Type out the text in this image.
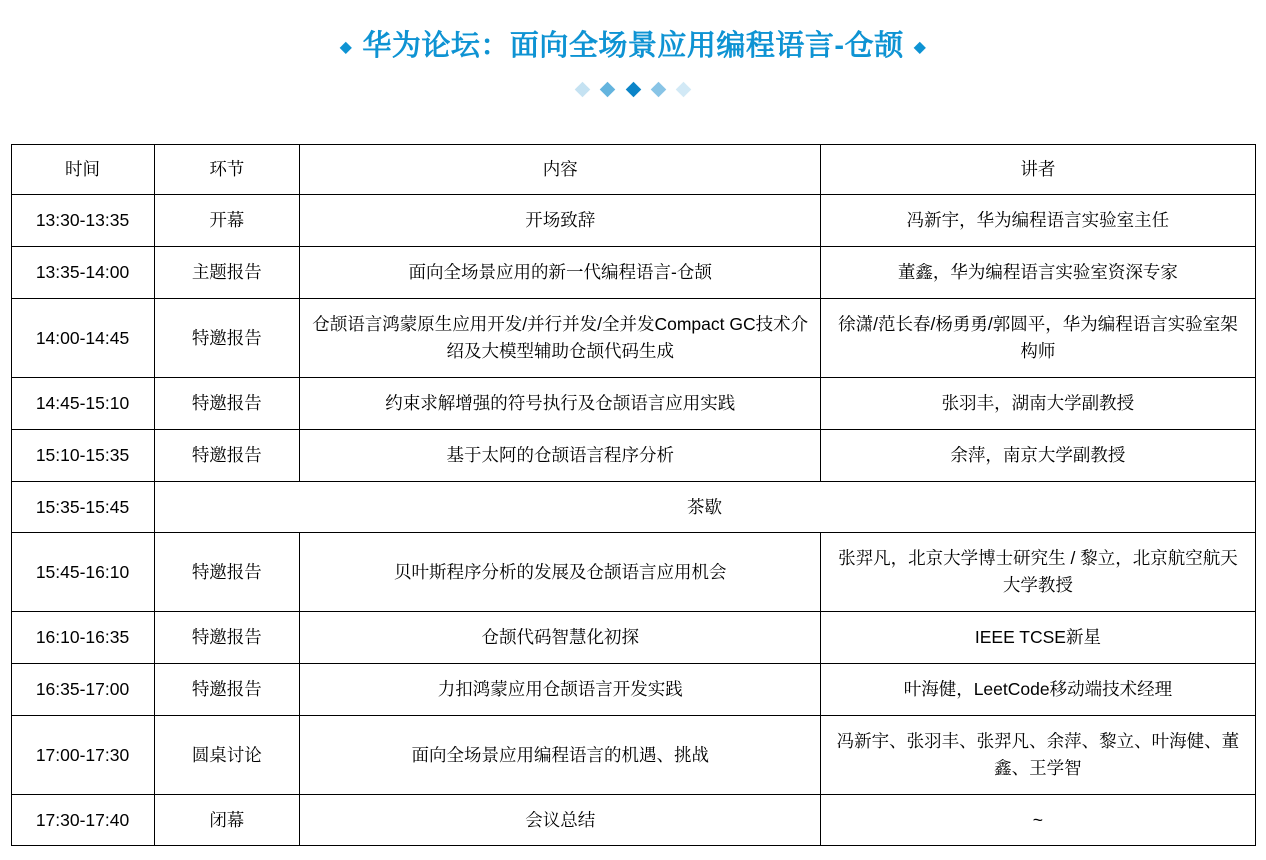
◆ 华为论坛：面向全场景应用编程语言-仓颉 ◆

时间	环节	内容	讲者
13:30-13:35	开幕	开场致辞	冯新宇，华为编程语言实验室主任
13:35-14:00	主题报告	面向全场景应用的新一代编程语言-仓颉	董鑫，华为编程语言实验室资深专家
14:00-14:45	特邀报告	仓颉语言鸿蒙原生应用开发/并行并发/全并发Compact GC技术介绍及大模型辅助仓颉代码生成	徐潇/范长春/杨勇勇/郭圆平，华为编程语言实验室架构师
14:45-15:10	特邀报告	约束求解增强的符号执行及仓颉语言应用实践	张羽丰，湖南大学副教授
15:10-15:35	特邀报告	基于太阿的仓颉语言程序分析	余萍，南京大学副教授
15:35-15:45	茶歇		
15:45-16:10	特邀报告	贝叶斯程序分析的发展及仓颉语言应用机会	张羿凡，北京大学博士研究生 / 黎立，北京航空航天大学教授
16:10-16:35	特邀报告	仓颉代码智慧化初探	IEEE TCSE新星
16:35-17:00	特邀报告	力扣鸿蒙应用仓颉语言开发实践	叶海健，LeetCode移动端技术经理
17:00-17:30	圆桌讨论	面向全场景应用编程语言的机遇、挑战	冯新宇、张羽丰、张羿凡、余萍、黎立、叶海健、董鑫、王学智
17:30-17:40	闭幕	会议总结	~
